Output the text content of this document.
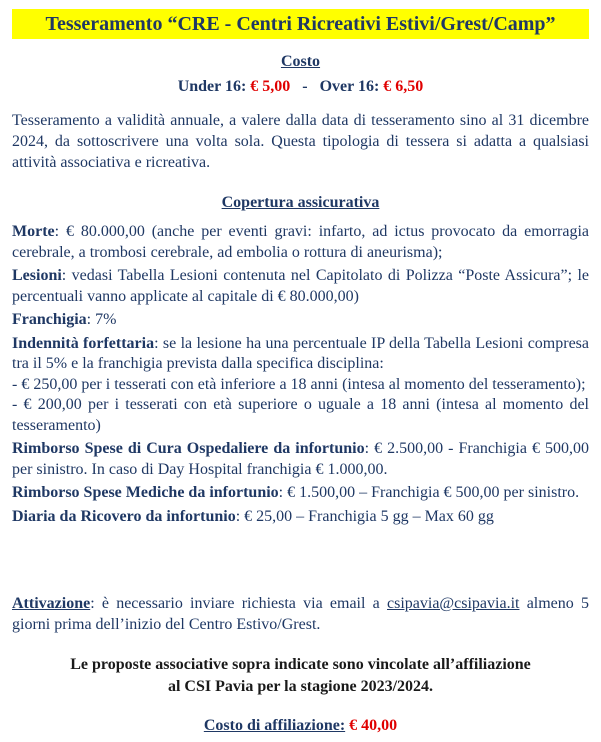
Tesseramento “CRE - Centri Ricreativi Estivi/Grest/Camp”
Costo
Under 16: € 5,00   -   Over 16: € 6,50
Tesseramento a validità annuale, a valere dalla data di tesseramento sino al 31 dicembre 2024, da sottoscrivere una volta sola. Questa tipologia di tessera si adatta a qualsiasi attività associativa e ricreativa.
Copertura assicurativa

Morte: € 80.000,00 (anche per eventi gravi: infarto, ad ictus provocato da emorragia cerebrale, a trombosi cerebrale, ad embolia o rottura di aneurisma);

Lesioni: vedasi Tabella Lesioni contenuta nel Capitolato di Polizza “Poste Assicura”; le percentuali vanno applicate al capitale di € 80.000,00)

Franchigia: 7%

Indennità forfettaria: se la lesione ha una percentuale IP della Tabella Lesioni compresa tra il 5% e la franchigia prevista dalla specifica disciplina:

- € 250,00 per i tesserati con età inferiore a 18 anni (intesa al momento del tesseramento);

- € 200,00 per i tesserati con età superiore o uguale a 18 anni (intesa al momento del tesseramento)

Rimborso Spese di Cura Ospedaliere da infortunio: € 2.500,00 - Franchigia € 500,00 per sinistro. In caso di Day Hospital franchigia € 1.000,00.

Rimborso Spese Mediche da infortunio: € 1.500,00 – Franchigia € 500,00 per sinistro.

Diaria da Ricovero da infortunio: € 25,00 – Franchigia 5 gg – Max 60 gg

Attivazione: è necessario inviare richiesta via email a csipavia@csipavia.it almeno 5 giorni prima dell’inizio del Centro Estivo/Grest.
Le proposte associative sopra indicate sono vincolate all’affiliazione
al CSI Pavia per la stagione 2023/2024.
Costo di affiliazione: € 40,00
